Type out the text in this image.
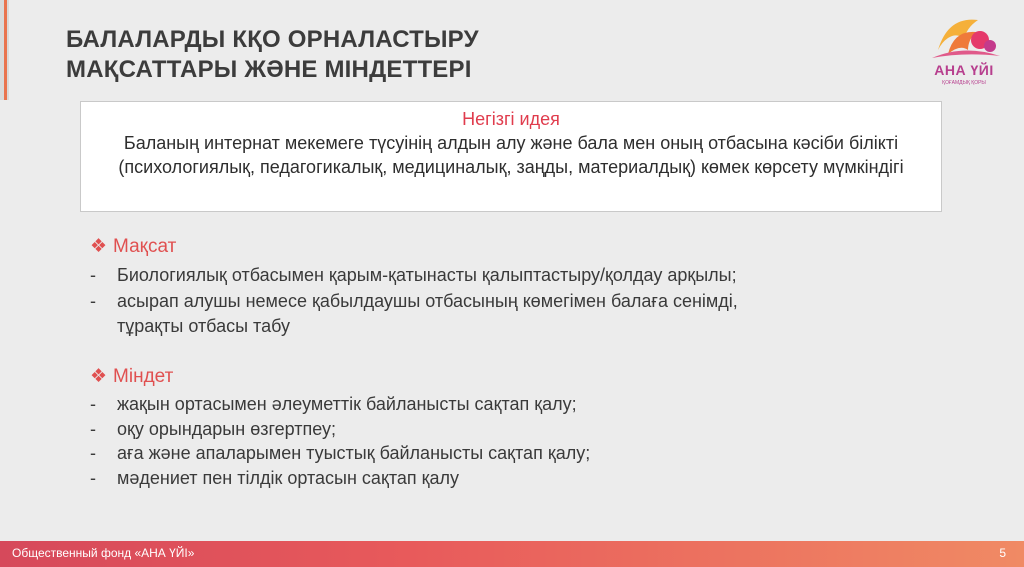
БАЛАЛАРДЫ КҚО ОРНАЛАСТЫРУ
МАҚСАТТАРЫ ЖӘНЕ МІНДЕТТЕРІ	АНА ҮЙІ
ҚОҒАМДЫҚ ҚОРЫ
Негізгі идея
Баланың интернат мекемеге түсуінің алдын алу және бала мен оның отбасына кәсіби білікті (психологиялық, педагогикалық, медициналық, заңды, материалдық) көмек көрсету мүмкіндігі
❖ Мақсат
- Биологиялық отбасымен қарым-қатынасты қалыптастыру/қолдау арқылы;
- асырап алушы немесе қабылдаушы отбасының көмегімен балаға сенімді,
тұрақты отбасы табу
❖ Міндет
- жақын ортасымен әлеуметтік байланысты сақтап қалу;
- оқу орындарын өзгертпеу;
- аға және апаларымен туыстық байланысты сақтап қалу;
- мәдениет пен тілдік ортасын сақтап қалу
Общественный фонд «АНА ҮЙІ»	5
